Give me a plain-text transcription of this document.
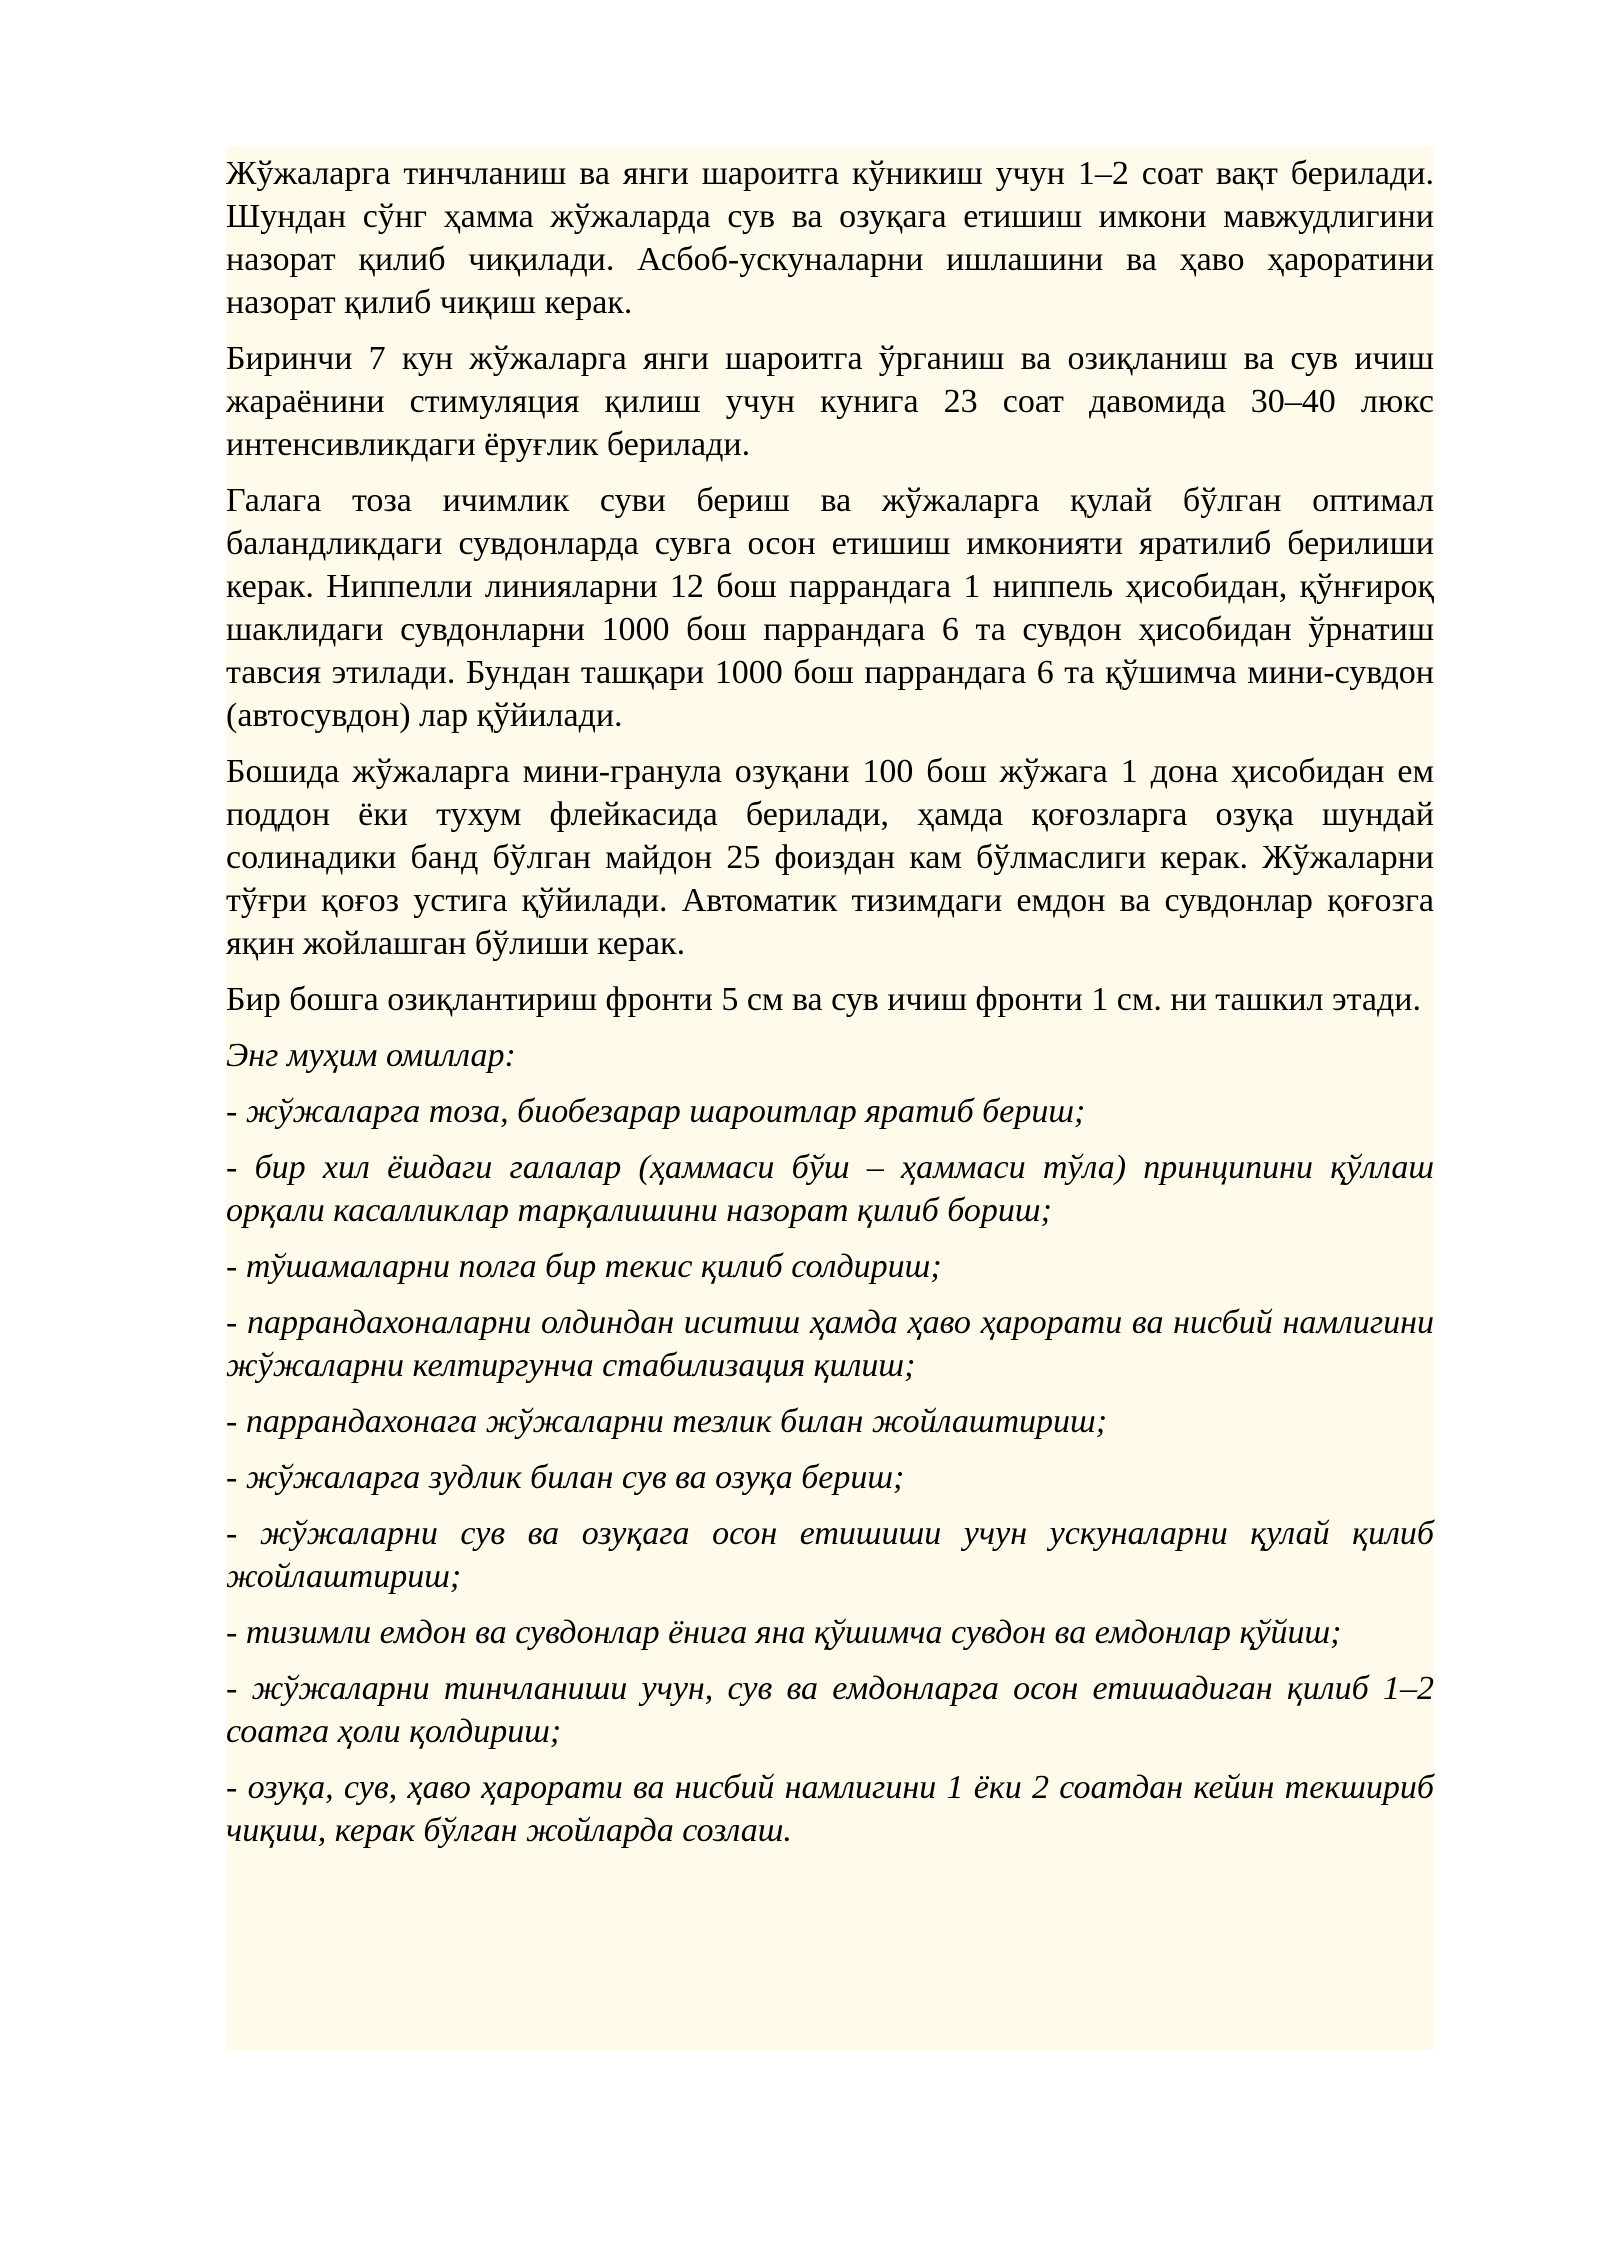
Жўжаларга тинчланиш ва янги шароитга кўникиш учун 1–2 соат вақт берилади. Шундан сўнг ҳамма жўжаларда сув ва озуқага етишиш имкони мавжудлигини назорат қилиб чиқилади. Асбоб-ускуналарни ишлашини ва ҳаво ҳароратини назорат қилиб чиқиш керак.

Биринчи 7 кун жўжаларга янги шароитга ўрганиш ва озиқланиш ва сув ичиш жараёнини стимуляция қилиш учун кунига 23 соат давомида 30–40 люкс интенсивликдаги ёруғлик берилади.

Галага тоза ичимлик суви бериш ва жўжаларга қулай бўлган оптимал баландликдаги сувдонларда сувга осон етишиш имконияти яратилиб берилиши керак. Ниппелли линияларни 12 бош паррандага 1 ниппель ҳисобидан, қўнғироқ шаклидаги сувдонларни 1000 бош паррандага 6 та сувдон ҳисобидан ўрнатиш тавсия этилади. Бундан ташқари 1000 бош паррандага 6 та қўшимча мини-сувдон (автосувдон) лар қўйилади.

Бошида жўжаларга мини-гранула озуқани 100 бош жўжага 1 дона ҳисобидан ем поддон ёки тухум флейкасида берилади, ҳамда қоғозларга озуқа шундай солинадики банд бўлган майдон 25 фоиздан кам бўлмаслиги керак. Жўжаларни тўғри қоғоз устига қўйилади. Автоматик тизимдаги емдон ва сувдонлар қоғозга яқин жойлашган бўлиши керак.

Бир бошга озиқлантириш фронти 5 см ва сув ичиш фронти 1 см. ни ташкил этади.

Энг муҳим омиллар:

- жўжаларга тоза, биобезарар шароитлар яратиб бериш;

- бир хил ёшдаги галалар (ҳаммаси бўш – ҳаммаси тўла) принципини қўллаш орқали касалликлар тарқалишини назорат қилиб бориш;

- тўшамаларни полга бир текис қилиб солдириш;

- паррандахоналарни олдиндан иситиш ҳамда ҳаво ҳарорати ва нисбий намлигини жўжаларни келтиргунча стабилизация қилиш;

- паррандахонага жўжаларни тезлик билан жойлаштириш;

- жўжаларга зудлик билан сув ва озуқа бериш;

- жўжаларни сув ва озуқага осон етишиши учун ускуналарни қулай қилиб жойлаштириш;

- тизимли емдон ва сувдонлар ёнига яна қўшимча сувдон ва емдонлар қўйиш;

- жўжаларни тинчланиши учун, сув ва емдонларга осон етишадиган қилиб 1–2 соатга ҳоли қолдириш;

- озуқа, сув, ҳаво ҳарорати ва нисбий намлигини 1 ёки 2 соатдан кейин текшириб чиқиш, керак бўлган жойларда созлаш.
